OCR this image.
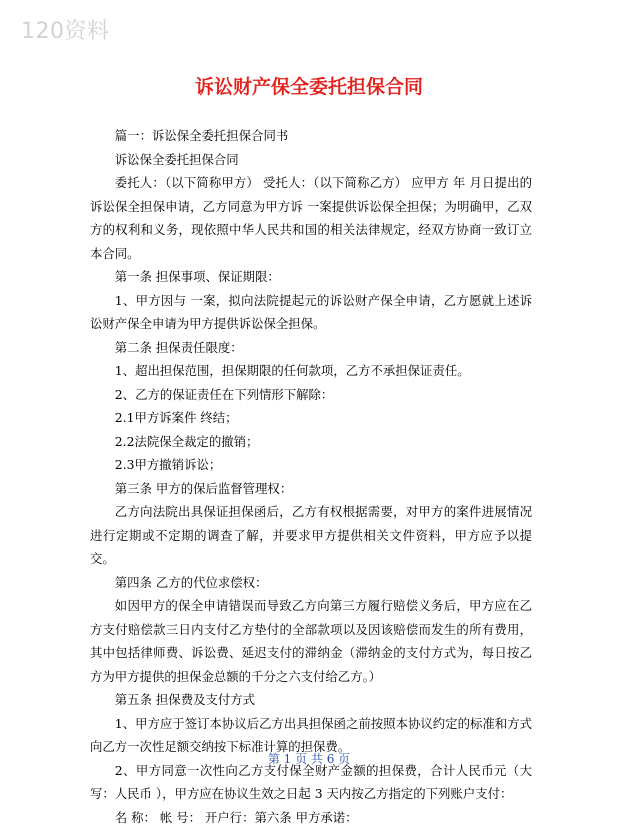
120资料
诉讼财产保全委托担保合同

篇一：诉讼保全委托担保合同书

诉讼保全委托担保合同

委托人：（以下简称甲方） 受托人：（以下简称乙方） 应甲方 年 月日提出的诉讼保全担保申请，乙方同意为甲方诉 一案提供诉讼保全担保；为明确甲，乙双方的权利和义务，现依照中华人民共和国的相关法律规定，经双方协商一致订立本合同。

第一条 担保事项、保证期限：

1、甲方因与 一案，拟向法院提起元的诉讼财产保全申请，乙方愿就上述诉讼财产保全申请为甲方提供诉讼保全担保。

第二条 担保责任限度：

1、超出担保范围，担保期限的任何款项，乙方不承担保证责任。

2、乙方的保证责任在下列情形下解除：

2.1甲方诉案件 终结；

2.2法院保全裁定的撤销；

2.3甲方撤销诉讼；

第三条 甲方的保后监督管理权：

乙方向法院出具保证担保函后，乙方有权根据需要，对甲方的案件进展情况进行定期或不定期的调查了解，并要求甲方提供相关文件资料，甲方应予以提交。

第四条 乙方的代位求偿权：

如因甲方的保全申请错误而导致乙方向第三方履行赔偿义务后，甲方应在乙方支付赔偿款三日内支付乙方垫付的全部款项以及因该赔偿而发生的所有费用，其中包括律师费、诉讼费、延迟支付的滞纳金（滞纳金的支付方式为，每日按乙方为甲方提供的担保金总额的千分之六支付给乙方。）

第五条 担保费及支付方式

1、甲方应于签订本协议后乙方出具担保函之前按照本协议约定的标准和方式向乙方一次性足额交纳按下标准计算的担保费。

2、甲方同意一次性向乙方支付保全财产金额的担保费，合计人民币元（大写：人民币 ），甲方应在协议生效之日起 3 天内按乙方指定的下列账户支付：

名 称： 帐 号： 开户行：第六条 甲方承诺：

第 1 页 共 6 页
